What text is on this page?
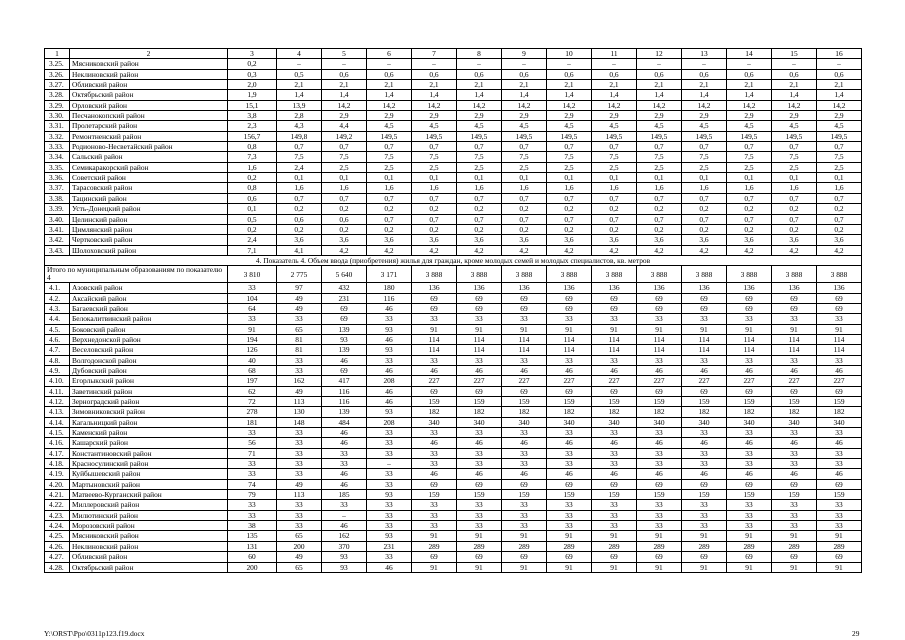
1	2	3	4	5	6	7	8	9	10	11	12	13	14	15	16
3.25.	Мясниковский район	0,2	–	–	–	–	–	–	–	–	–	–	–	–	–
3.26.	Неклиновский район	0,3	0,5	0,6	0,6	0,6	0,6	0,6	0,6	0,6	0,6	0,6	0,6	0,6	0,6
3.27.	Обливский район	2,0	2,1	2,1	2,1	2,1	2,1	2,1	2,1	2,1	2,1	2,1	2,1	2,1	2,1
3.28.	Октябрьский район	1,9	1,4	1,4	1,4	1,4	1,4	1,4	1,4	1,4	1,4	1,4	1,4	1,4	1,4
3.29.	Орловский район	15,1	13,9	14,2	14,2	14,2	14,2	14,2	14,2	14,2	14,2	14,2	14,2	14,2	14,2
3.30.	Песчанокопский район	3,8	2,8	2,9	2,9	2,9	2,9	2,9	2,9	2,9	2,9	2,9	2,9	2,9	2,9
3.31.	Пролетарский район	2,3	4,3	4,4	4,5	4,5	4,5	4,5	4,5	4,5	4,5	4,5	4,5	4,5	4,5
3.32.	Ремонтненский район	156,7	149,8	149,2	149,5	149,5	149,5	149,5	149,5	149,5	149,5	149,5	149,5	149,5	149,5
3.33.	Родионово-Несветайский район	0,8	0,7	0,7	0,7	0,7	0,7	0,7	0,7	0,7	0,7	0,7	0,7	0,7	0,7
3.34.	Сальский район	7,3	7,5	7,5	7,5	7,5	7,5	7,5	7,5	7,5	7,5	7,5	7,5	7,5	7,5
3.35.	Семикаракорский район	1,6	2,4	2,5	2,5	2,5	2,5	2,5	2,5	2,5	2,5	2,5	2,5	2,5	2,5
3.36.	Советский район	0,2	0,1	0,1	0,1	0,1	0,1	0,1	0,1	0,1	0,1	0,1	0,1	0,1	0,1
3.37.	Тарасовский район	0,8	1,6	1,6	1,6	1,6	1,6	1,6	1,6	1,6	1,6	1,6	1,6	1,6	1,6
3.38.	Тацинский район	0,6	0,7	0,7	0,7	0,7	0,7	0,7	0,7	0,7	0,7	0,7	0,7	0,7	0,7
3.39.	Усть-Донецкий район	0,1	0,2	0,2	0,2	0,2	0,2	0,2	0,2	0,2	0,2	0,2	0,2	0,2	0,2
3.40.	Целинский район	0,5	0,6	0,6	0,7	0,7	0,7	0,7	0,7	0,7	0,7	0,7	0,7	0,7	0,7
3.41.	Цимлянский район	0,2	0,2	0,2	0,2	0,2	0,2	0,2	0,2	0,2	0,2	0,2	0,2	0,2	0,2
3.42.	Чертковский район	2,4	3,6	3,6	3,6	3,6	3,6	3,6	3,6	3,6	3,6	3,6	3,6	3,6	3,6
3.43.	Шолоховский район	7,1	4,1	4,2	4,2	4,2	4,2	4,2	4,2	4,2	4,2	4,2	4,2	4,2	4,2
4. Показатель 4. Объем ввода (приобретения) жилья для граждан, кроме молодых семей и молодых специалистов, кв. метров															
Итого по муниципальным образованиям по показателю 4		3 810	2 775	5 640	3 171	3 888	3 888	3 888	3 888	3 888	3 888	3 888	3 888	3 888	3 888
4.1.	Азовский район	33	97	432	180	136	136	136	136	136	136	136	136	136	136
4.2.	Аксайский район	104	49	231	116	69	69	69	69	69	69	69	69	69	69
4.3.	Багаевский район	64	49	69	46	69	69	69	69	69	69	69	69	69	69
4.4.	Белокалитвинский район	33	33	69	33	33	33	33	33	33	33	33	33	33	33
4.5.	Боковский район	91	65	139	93	91	91	91	91	91	91	91	91	91	91
4.6.	Верхнедонской район	194	81	93	46	114	114	114	114	114	114	114	114	114	114
4.7.	Веселовский район	126	81	139	93	114	114	114	114	114	114	114	114	114	114
4.8.	Волгодонской район	40	33	46	33	33	33	33	33	33	33	33	33	33	33
4.9.	Дубовский район	68	33	69	46	46	46	46	46	46	46	46	46	46	46
4.10.	Егорлыкский район	197	162	417	208	227	227	227	227	227	227	227	227	227	227
4.11.	Заветинский район	62	49	116	46	69	69	69	69	69	69	69	69	69	69
4.12.	Зерноградский район	72	113	116	46	159	159	159	159	159	159	159	159	159	159
4.13.	Зимовниковский район	278	130	139	93	182	182	182	182	182	182	182	182	182	182
4.14.	Кагальницкий район	181	148	484	208	340	340	340	340	340	340	340	340	340	340
4.15.	Каменский район	33	33	46	33	33	33	33	33	33	33	33	33	33	33
4.16.	Кашарский район	56	33	46	33	46	46	46	46	46	46	46	46	46	46
4.17.	Константиновский район	71	33	33	33	33	33	33	33	33	33	33	33	33	33
4.18.	Красносулинский район	33	33	33	–	33	33	33	33	33	33	33	33	33	33
4.19.	Куйбышевский район	33	33	46	33	46	46	46	46	46	46	46	46	46	46
4.20.	Мартыновский район	74	49	46	33	69	69	69	69	69	69	69	69	69	69
4.21.	Матвеево-Курганский район	79	113	185	93	159	159	159	159	159	159	159	159	159	159
4.22.	Миллеровский район	33	33	33	33	33	33	33	33	33	33	33	33	33	33
4.23.	Милютинский район	33	33	–	33	33	33	33	33	33	33	33	33	33	33
4.24.	Морозовский район	38	33	46	33	33	33	33	33	33	33	33	33	33	33
4.25.	Мясниковский район	135	65	162	93	91	91	91	91	91	91	91	91	91	91
4.26.	Неклиновский район	131	200	370	231	289	289	289	289	289	289	289	289	289	289
4.27.	Обливский район	60	49	93	33	69	69	69	69	69	69	69	69	69	69
4.28.	Октябрьский район	200	65	93	46	91	91	91	91	91	91	91	91	91	91
Y:\ORST\Ppo\0311p123.f19.docx	29
